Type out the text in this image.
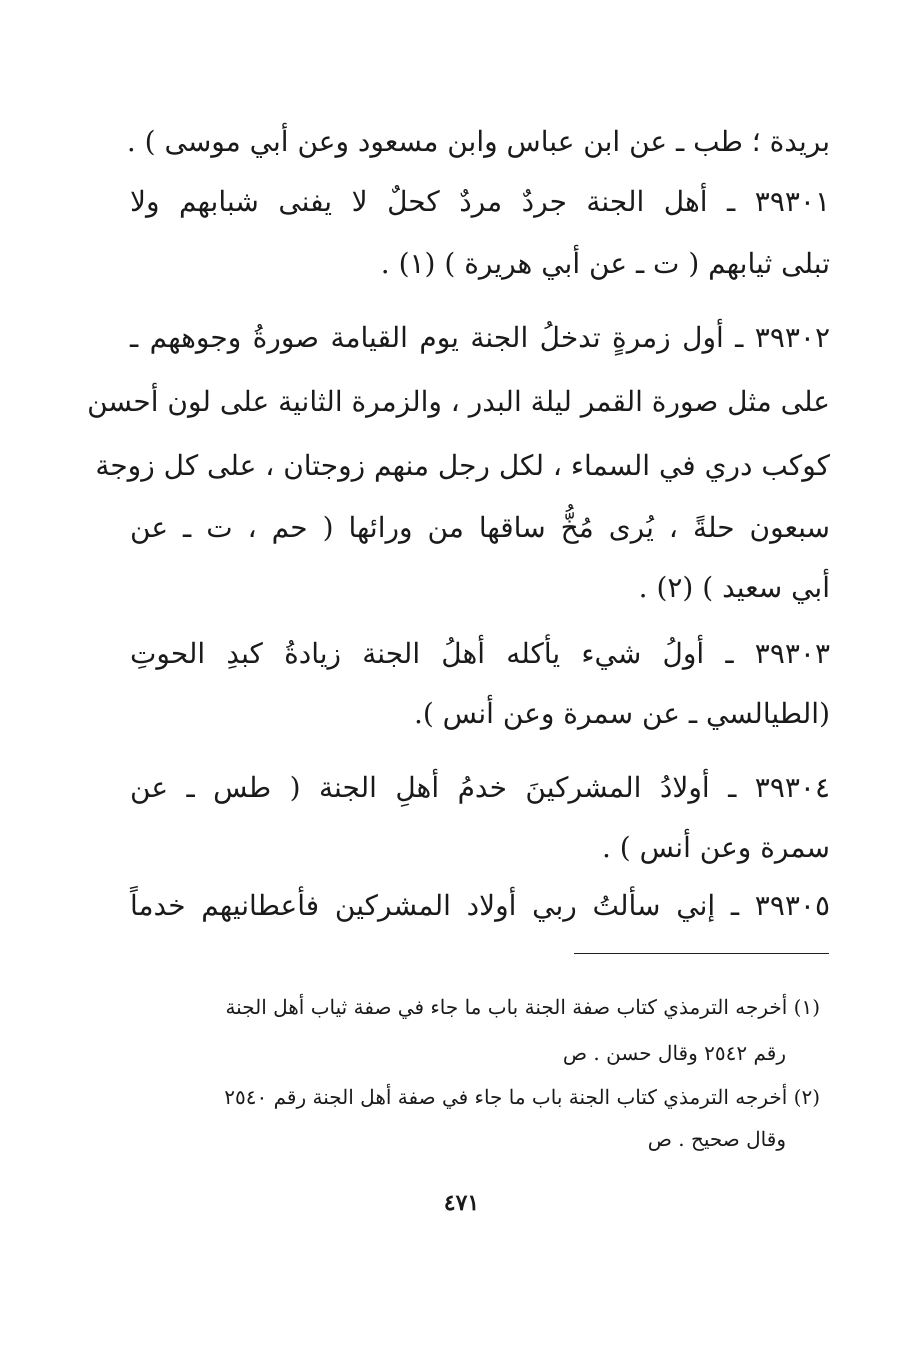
بريدة ؛ طب ـ عن ابن عباس وابن مسعود وعن أبي موسى ) .
٣٩٣٠١ ـ أهل الجنة جردٌ مردٌ كحلٌ لا يفنى شبابهم ولا
تبلى ثيابهم ( ت ـ عن أبي هريرة ) (١) .
٣٩٣٠٢ ـ أول زمرةٍ تدخلُ الجنة يوم القيامة صورةُ وجوههم ـ
على مثل صورة القمر ليلة البدر ، والزمرة الثانية على لون أحسن
كوكب دري في السماء ، لكل رجل منهم زوجتان ، على كل زوجة
سبعون حلةً ، يُرى مُخُّ ساقها من ورائها ( حم ، ت ـ عن
أبي سعيد ) (٢) .
٣٩٣٠٣ ـ أولُ شيء يأكله أهلُ الجنة زيادةُ كبدِ الحوتِ
(الطيالسي ـ عن سمرة وعن أنس ).
٣٩٣٠٤ ـ أولادُ المشركينَ خدمُ أهلِ الجنة ( طس ـ عن
سمرة وعن أنس ) .
٣٩٣٠٥ ـ إني سألتُ ربي أولاد المشركين فأعطانيهم خدماً
(١) أخرجه الترمذي كتاب صفة الجنة باب ما جاء في صفة ثياب أهل الجنة
رقم ٢٥٤٢ وقال حسن . ص
(٢) أخرجه الترمذي كتاب الجنة باب ما جاء في صفة أهل الجنة رقم ٢٥٤٠
وقال صحيح . ص
٤٧١
